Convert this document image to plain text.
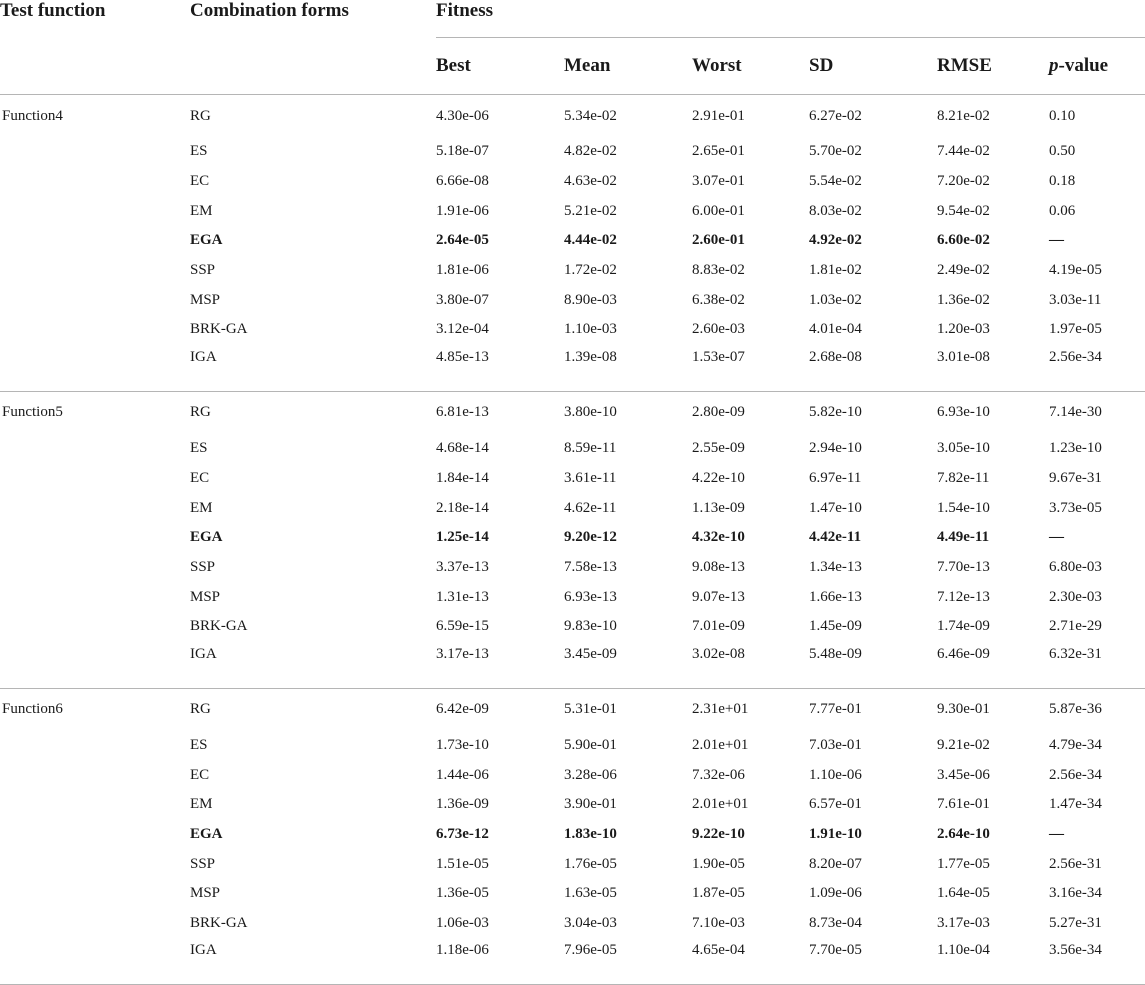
Test function	Combination forms	Fitness					
		Best	Mean	Worst	SD	RMSE	p-value
Function4	RG	4.30e-06	5.34e-02	2.91e-01	6.27e-02	8.21e-02	0.10
	ES	5.18e-07	4.82e-02	2.65e-01	5.70e-02	7.44e-02	0.50
	EC	6.66e-08	4.63e-02	3.07e-01	5.54e-02	7.20e-02	0.18
	EM	1.91e-06	5.21e-02	6.00e-01	8.03e-02	9.54e-02	0.06
	EGA	2.64e-05	4.44e-02	2.60e-01	4.92e-02	6.60e-02	—
	SSP	1.81e-06	1.72e-02	8.83e-02	1.81e-02	2.49e-02	4.19e-05
	MSP	3.80e-07	8.90e-03	6.38e-02	1.03e-02	1.36e-02	3.03e-11
	BRK-GA	3.12e-04	1.10e-03	2.60e-03	4.01e-04	1.20e-03	1.97e-05
	IGA	4.85e-13	1.39e-08	1.53e-07	2.68e-08	3.01e-08	2.56e-34
Function5	RG	6.81e-13	3.80e-10	2.80e-09	5.82e-10	6.93e-10	7.14e-30
	ES	4.68e-14	8.59e-11	2.55e-09	2.94e-10	3.05e-10	1.23e-10
	EC	1.84e-14	3.61e-11	4.22e-10	6.97e-11	7.82e-11	9.67e-31
	EM	2.18e-14	4.62e-11	1.13e-09	1.47e-10	1.54e-10	3.73e-05
	EGA	1.25e-14	9.20e-12	4.32e-10	4.42e-11	4.49e-11	—
	SSP	3.37e-13	7.58e-13	9.08e-13	1.34e-13	7.70e-13	6.80e-03
	MSP	1.31e-13	6.93e-13	9.07e-13	1.66e-13	7.12e-13	2.30e-03
	BRK-GA	6.59e-15	9.83e-10	7.01e-09	1.45e-09	1.74e-09	2.71e-29
	IGA	3.17e-13	3.45e-09	3.02e-08	5.48e-09	6.46e-09	6.32e-31
Function6	RG	6.42e-09	5.31e-01	2.31e+01	7.77e-01	9.30e-01	5.87e-36
	ES	1.73e-10	5.90e-01	2.01e+01	7.03e-01	9.21e-02	4.79e-34
	EC	1.44e-06	3.28e-06	7.32e-06	1.10e-06	3.45e-06	2.56e-34
	EM	1.36e-09	3.90e-01	2.01e+01	6.57e-01	7.61e-01	1.47e-34
	EGA	6.73e-12	1.83e-10	9.22e-10	1.91e-10	2.64e-10	—
	SSP	1.51e-05	1.76e-05	1.90e-05	8.20e-07	1.77e-05	2.56e-31
	MSP	1.36e-05	1.63e-05	1.87e-05	1.09e-06	1.64e-05	3.16e-34
	BRK-GA	1.06e-03	3.04e-03	7.10e-03	8.73e-04	3.17e-03	5.27e-31
	IGA	1.18e-06	7.96e-05	4.65e-04	7.70e-05	1.10e-04	3.56e-34
